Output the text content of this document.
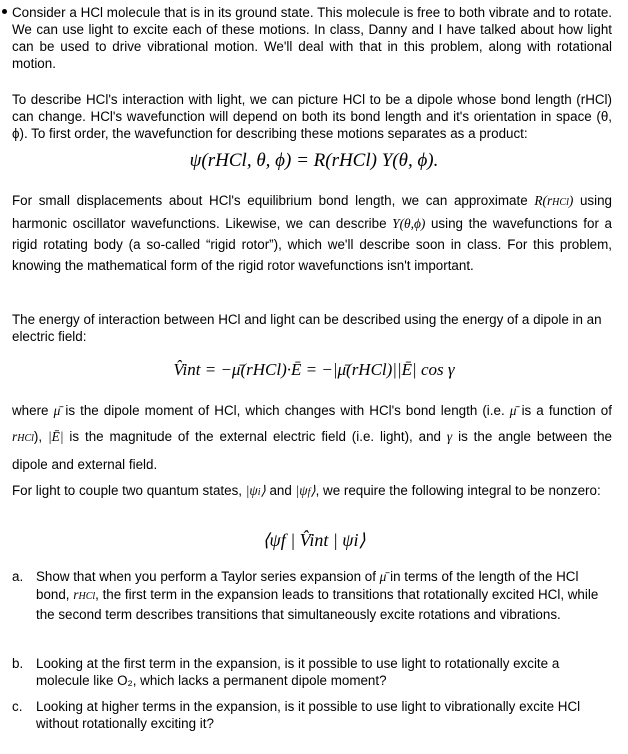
Consider a HCl molecule that is in its ground state. This molecule is free to both vibrate and to rotate. We can use light to excite each of these motions. In class, Danny and I have talked about how light can be used to drive vibrational motion. We'll deal with that in this problem, along with rotational motion.
To describe HCl's interaction with light, we can picture HCl to be a dipole whose bond length (rHCl) can change. HCl's wavefunction will depend on both its bond length and it's orientation in space (θ, ϕ). To first order, the wavefunction for describing these motions separates as a product:
ψ(rHCl, θ, ϕ) = R(rHCl) Y(θ, ϕ).
For small displacements about HCl's equilibrium bond length, we can approximate R(rHCl) using harmonic oscillator wavefunctions. Likewise, we can describe Y(θ,ϕ) using the wavefunctions for a rigid rotating body (a so-called “rigid rotor”), which we'll describe soon in class. For this problem, knowing the mathematical form of the rigid rotor wavefunctions isn't important.
The energy of interaction between HCl and light can be described using the energy of a dipole in an electric field:
V̂int = −μ̄(rHCl)·Ē = −|μ̄(rHCl)||Ē| cos γ
where μ̄ is the dipole moment of HCl, which changes with HCl's bond length (i.e. μ̄ is a function of rHCl), |Ē| is the magnitude of the external electric field (i.e. light), and γ is the angle between the dipole and external field.
For light to couple two quantum states, |ψi⟩ and |ψf⟩, we require the following integral to be nonzero:
⟨ψf | V̂int | ψi⟩
a. Show that when you perform a Taylor series expansion of μ̄ in terms of the length of the HCl bond, rHCl, the first term in the expansion leads to transitions that rotationally excited HCl, while the second term describes transitions that simultaneously excite rotations and vibrations.
b. Looking at the first term in the expansion, is it possible to use light to rotationally excite a molecule like O₂, which lacks a permanent dipole moment?
c.	Looking at higher terms in the expansion, is it possible to use light to vibrationally excite HCl without rotationally exciting it?
